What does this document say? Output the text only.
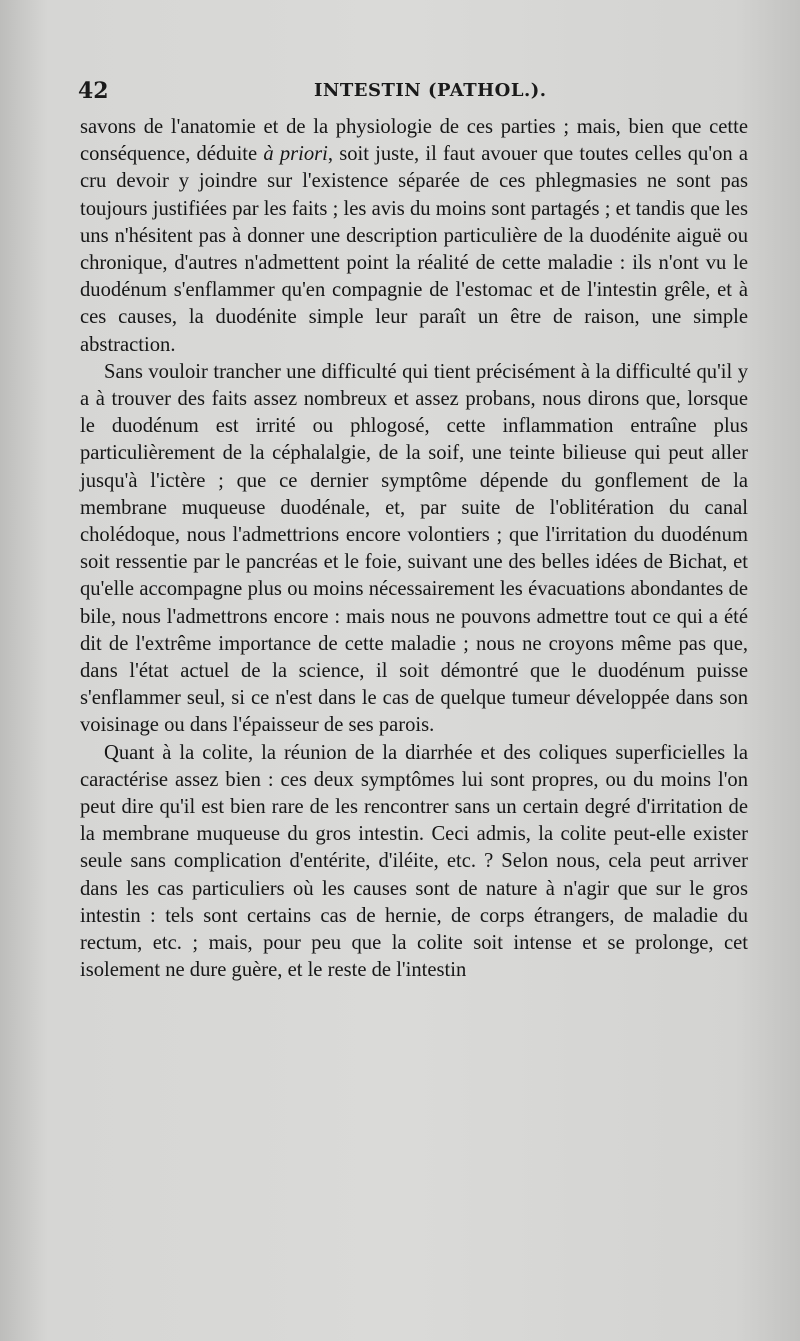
42	INTESTIN (PATHOL.).

savons de l'anatomie et de la physiologie de ces parties ; mais, bien que cette conséquence, déduite à priori, soit juste, il faut avouer que toutes celles qu'on a cru devoir y joindre sur l'existence séparée de ces phlegmasies ne sont pas toujours justifiées par les faits ; les avis du moins sont partagés ; et tandis que les uns n'hésitent pas à donner une description particulière de la duodénite aiguë ou chronique, d'autres n'admettent point la réalité de cette maladie : ils n'ont vu le duodénum s'enflammer qu'en compagnie de l'estomac et de l'intestin grêle, et à ces causes, la duodénite simple leur paraît un être de raison, une simple abstraction.

Sans vouloir trancher une difficulté qui tient précisément à la difficulté qu'il y a à trouver des faits assez nombreux et assez probans, nous dirons que, lorsque le duodénum est irrité ou phlogosé, cette inflammation entraîne plus particulièrement de la céphalalgie, de la soif, une teinte bilieuse qui peut aller jusqu'à l'ictère ; que ce dernier symptôme dépende du gonflement de la membrane muqueuse duodénale, et, par suite de l'oblitération du canal cholédoque, nous l'admettrions encore volontiers ; que l'irritation du duodénum soit ressentie par le pancréas et le foie, suivant une des belles idées de Bichat, et qu'elle accompagne plus ou moins nécessairement les évacuations abondantes de bile, nous l'admettrons encore : mais nous ne pouvons admettre tout ce qui a été dit de l'extrême importance de cette maladie ; nous ne croyons même pas que, dans l'état actuel de la science, il soit démontré que le duodénum puisse s'enflammer seul, si ce n'est dans le cas de quelque tumeur développée dans son voisinage ou dans l'épaisseur de ses parois.

Quant à la colite, la réunion de la diarrhée et des coliques superficielles la caractérise assez bien : ces deux symptômes lui sont propres, ou du moins l'on peut dire qu'il est bien rare de les rencontrer sans un certain degré d'irritation de la membrane muqueuse du gros intestin. Ceci admis, la colite peut-elle exister seule sans complication d'entérite, d'iléite, etc. ? Selon nous, cela peut arriver dans les cas particuliers où les causes sont de nature à n'agir que sur le gros intestin : tels sont certains cas de hernie, de corps étrangers, de maladie du rectum, etc. ; mais, pour peu que la colite soit intense et se prolonge, cet isolement ne dure guère, et le reste de l'intestin
